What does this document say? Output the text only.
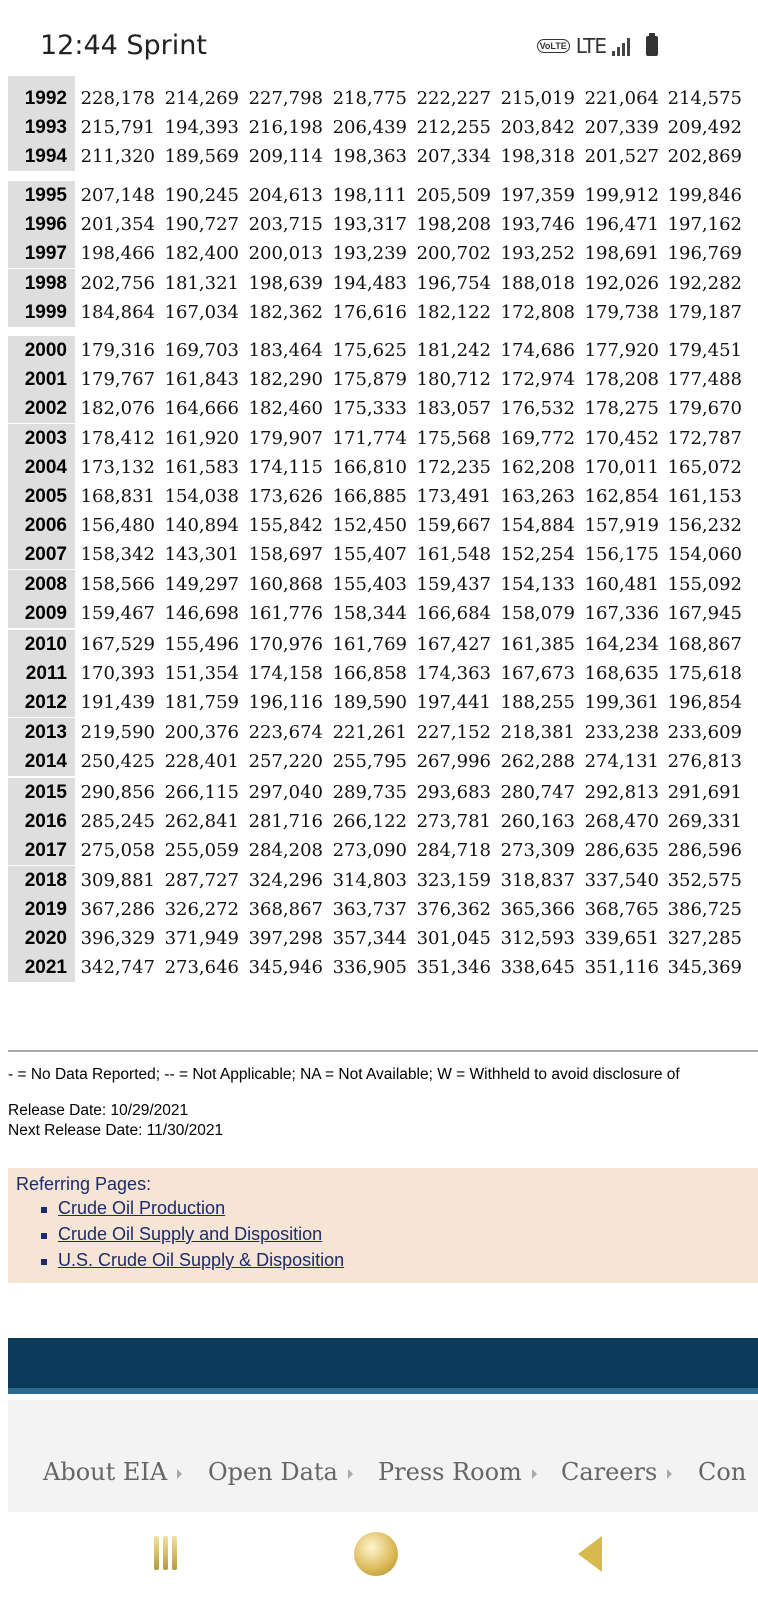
12:44 Sprint	VoLTE LTE
1992 228,178 214,269 227,798 218,775 222,227 215,019 221,064 214,575
1993 215,791 194,393 216,198 206,439 212,255 203,842 207,339 209,492
1994 211,320 189,569 209,114 198,363 207,334 198,318 201,527 202,869
1995 207,148 190,245 204,613 198,111 205,509 197,359 199,912 199,846
1996 201,354 190,727 203,715 193,317 198,208 193,746 196,471 197,162
1997 198,466 182,400 200,013 193,239 200,702 193,252 198,691 196,769
1998 202,756 181,321 198,639 194,483 196,754 188,018 192,026 192,282
1999 184,864 167,034 182,362 176,616 182,122 172,808 179,738 179,187
2000 179,316 169,703 183,464 175,625 181,242 174,686 177,920 179,451
2001 179,767 161,843 182,290 175,879 180,712 172,974 178,208 177,488
2002 182,076 164,666 182,460 175,333 183,057 176,532 178,275 179,670
2003 178,412 161,920 179,907 171,774 175,568 169,772 170,452 172,787
2004 173,132 161,583 174,115 166,810 172,235 162,208 170,011 165,072
2005 168,831 154,038 173,626 166,885 173,491 163,263 162,854 161,153
2006 156,480 140,894 155,842 152,450 159,667 154,884 157,919 156,232
2007 158,342 143,301 158,697 155,407 161,548 152,254 156,175 154,060
2008 158,566 149,297 160,868 155,403 159,437 154,133 160,481 155,092
2009 159,467 146,698 161,776 158,344 166,684 158,079 167,336 167,945
2010 167,529 155,496 170,976 161,769 167,427 161,385 164,234 168,867
2011 170,393 151,354 174,158 166,858 174,363 167,673 168,635 175,618
2012 191,439 181,759 196,116 189,590 197,441 188,255 199,361 196,854
2013 219,590 200,376 223,674 221,261 227,152 218,381 233,238 233,609
2014 250,425 228,401 257,220 255,795 267,996 262,288 274,131 276,813
2015 290,856 266,115 297,040 289,735 293,683 280,747 292,813 291,691
2016 285,245 262,841 281,716 266,122 273,781 260,163 268,470 269,331
2017 275,058 255,059 284,208 273,090 284,718 273,309 286,635 286,596
2018 309,881 287,727 324,296 314,803 323,159 318,837 337,540 352,575
2019 367,286 326,272 368,867 363,737 376,362 365,366 368,765 386,725
2020 396,329 371,949 397,298 357,344 301,045 312,593 339,651 327,285
2021 342,747 273,646 345,946 336,905 351,346 338,645 351,116 345,369
- = No Data Reported; -- = Not Applicable; NA = Not Available; W = Withheld to avoid disclosure of
Release Date: 10/29/2021
Next Release Date: 11/30/2021
Referring Pages:
Crude Oil Production
Crude Oil Supply and Disposition
U.S. Crude Oil Supply & Disposition
About EIA	Open Data	Press Room	Careers	Con
